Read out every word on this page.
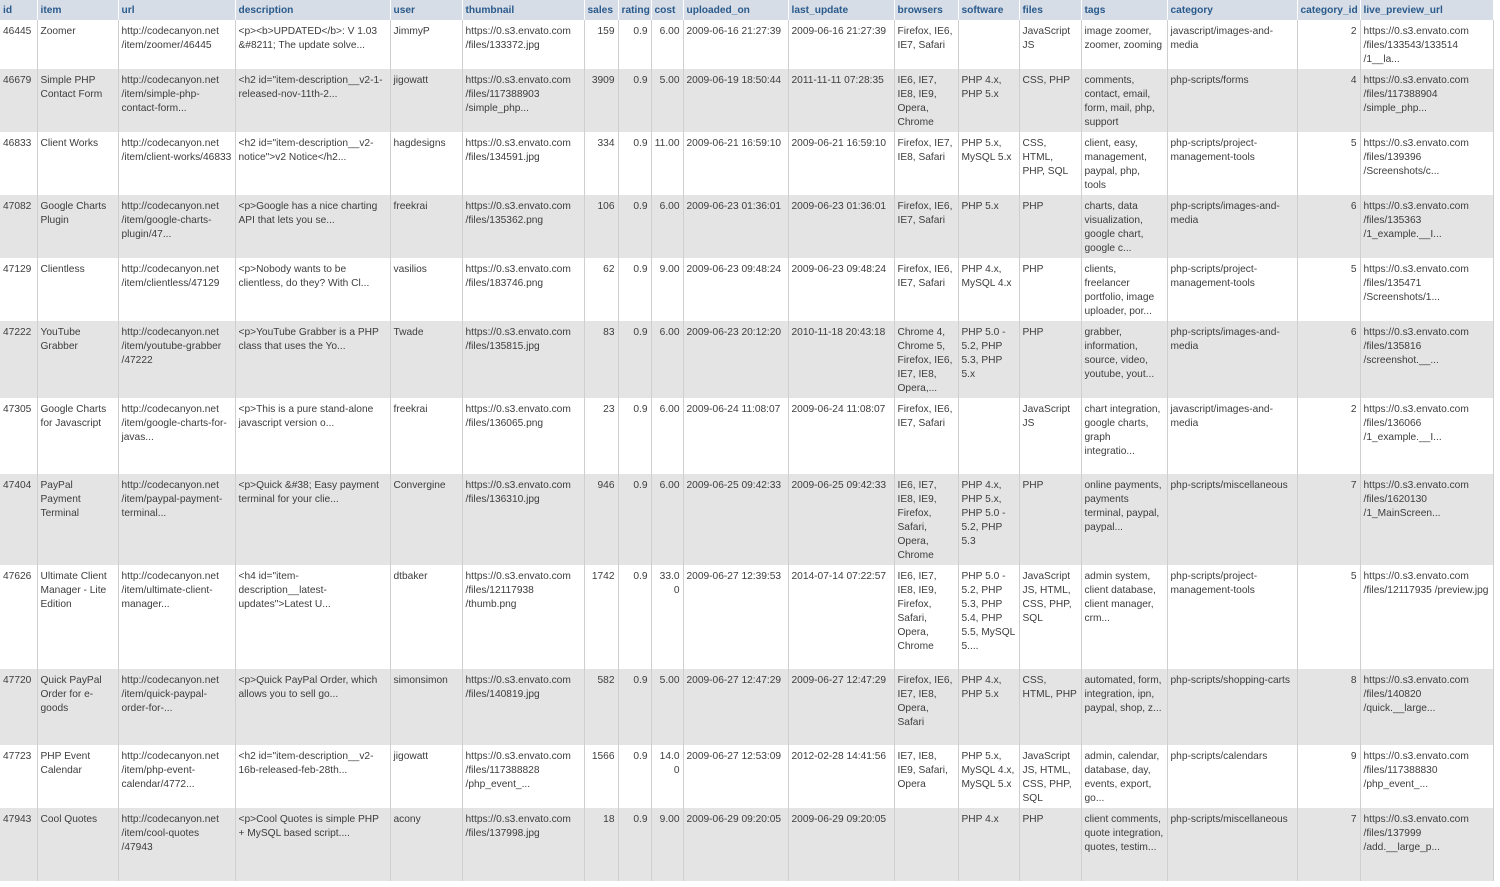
id	item	url	description	user	thumbnail	sales	rating	cost	uploaded_on	last_update	browsers	software	files	tags	category	category_id	live_preview_url
46445	Zoomer	http://codecanyon.net /item/zoomer/46445	<p><b>UPDATED</b>: V 1.03 &#8211; The update solve...	JimmyP	https://0.s3.envato.com /files/133372.jpg	159	0.9	6.00	2009-06-16 21:27:39	2009-06-16 21:27:39	Firefox, IE6, IE7, Safari		JavaScript JS	image zoomer, zoomer, zooming	javascript/images-and-media	2	https://0.s3.envato.com /files/133543/133514 /1__la...
46679	Simple PHP Contact Form	http://codecanyon.net /item/simple-php-contact-form...	<h2 id="item-description__v2-1-released-nov-11th-2...	jigowatt	https://0.s3.envato.com /files/117388903 /simple_php...	3909	0.9	5.00	2009-06-19 18:50:44	2011-11-11 07:28:35	IE6, IE7, IE8, IE9, Opera, Chrome	PHP 4.x, PHP 5.x	CSS, PHP	comments, contact, email, form, mail, php, support	php-scripts/forms	4	https://0.s3.envato.com /files/117388904 /simple_php...
46833	Client Works	http://codecanyon.net /item/client-works/46833	<h2 id="item-description__v2-notice">v2 Notice</h2...	hagdesigns	https://0.s3.envato.com /files/134591.jpg	334	0.9	11.00	2009-06-21 16:59:10	2009-06-21 16:59:10	Firefox, IE7, IE8, Safari	PHP 5.x, MySQL 5.x	CSS, HTML, PHP, SQL	client, easy, management, paypal, php, tools	php-scripts/project-management-tools	5	https://0.s3.envato.com /files/139396 /Screenshots/c...
47082	Google Charts Plugin	http://codecanyon.net /item/google-charts-plugin/47...	<p>Google has a nice charting API that lets you se...	freekrai	https://0.s3.envato.com /files/135362.png	106	0.9	6.00	2009-06-23 01:36:01	2009-06-23 01:36:01	Firefox, IE6, IE7, Safari	PHP 5.x	PHP	charts, data visualization, google chart, google c...	php-scripts/images-and-media	6	https://0.s3.envato.com /files/135363 /1_example.__I...
47129	Clientless	http://codecanyon.net /item/clientless/47129	<p>Nobody wants to be clientless, do they? With Cl...	vasilios	https://0.s3.envato.com /files/183746.png	62	0.9	9.00	2009-06-23 09:48:24	2009-06-23 09:48:24	Firefox, IE6, IE7, Safari	PHP 4.x, MySQL 4.x	PHP	clients, freelancer portfolio, image uploader, por...	php-scripts/project-management-tools	5	https://0.s3.envato.com /files/135471 /Screenshots/1...
47222	YouTube Grabber	http://codecanyon.net /item/youtube-grabber /47222	<p>YouTube Grabber is a PHP class that uses the Yo...	Twade	https://0.s3.envato.com /files/135815.jpg	83	0.9	6.00	2009-06-23 20:12:20	2010-11-18 20:43:18	Chrome 4, Chrome 5, Firefox, IE6, IE7, IE8, Opera,...	PHP 5.0 - 5.2, PHP 5.3, PHP 5.x	PHP	grabber, information, source, video, youtube, yout...	php-scripts/images-and-media	6	https://0.s3.envato.com /files/135816 /screenshot.__...
47305	Google Charts for Javascript	http://codecanyon.net /item/google-charts-for-javas...	<p>This is a pure stand-alone javascript version o...	freekrai	https://0.s3.envato.com /files/136065.png	23	0.9	6.00	2009-06-24 11:08:07	2009-06-24 11:08:07	Firefox, IE6, IE7, Safari		JavaScript JS	chart integration, google charts, graph integratio...	javascript/images-and-media	2	https://0.s3.envato.com /files/136066 /1_example.__I...
47404	PayPal Payment Terminal	http://codecanyon.net /item/paypal-payment-terminal...	<p>Quick &#38; Easy payment terminal for your clie...	Convergine	https://0.s3.envato.com /files/136310.jpg	946	0.9	6.00	2009-06-25 09:42:33	2009-06-25 09:42:33	IE6, IE7, IE8, IE9, Firefox, Safari, Opera, Chrome	PHP 4.x, PHP 5.x, PHP 5.0 - 5.2, PHP 5.3	PHP	online payments, payments terminal, paypal, paypal...	php-scripts/miscellaneous	7	https://0.s3.envato.com /files/1620130 /1_MainScreen...
47626	Ultimate Client Manager - Lite Edition	http://codecanyon.net /item/ultimate-client-manager...	<h4 id="item-description__latest-updates">Latest U...	dtbaker	https://0.s3.envato.com /files/12117938 /thumb.png	1742	0.9	33.00	2009-06-27 12:39:53	2014-07-14 07:22:57	IE6, IE7, IE8, IE9, Firefox, Safari, Opera, Chrome	PHP 5.0 - 5.2, PHP 5.3, PHP 5.4, PHP 5.5, MySQL 5....	JavaScript JS, HTML, CSS, PHP, SQL	admin system, client database, client manager, crm...	php-scripts/project-management-tools	5	https://0.s3.envato.com /files/12117935 /preview.jpg
47720	Quick PayPal Order for e-goods	http://codecanyon.net /item/quick-paypal-order-for-...	<p>Quick PayPal Order, which allows you to sell go...	simonsimon	https://0.s3.envato.com /files/140819.jpg	582	0.9	5.00	2009-06-27 12:47:29	2009-06-27 12:47:29	Firefox, IE6, IE7, IE8, Opera, Safari	PHP 4.x, PHP 5.x	CSS, HTML, PHP	automated, form, integration, ipn, paypal, shop, z...	php-scripts/shopping-carts	8	https://0.s3.envato.com /files/140820 /quick.__large...
47723	PHP Event Calendar	http://codecanyon.net /item/php-event-calendar/4772...	<h2 id="item-description__v2-16b-released-feb-28th...	jigowatt	https://0.s3.envato.com /files/117388828 /php_event_...	1566	0.9	14.00	2009-06-27 12:53:09	2012-02-28 14:41:56	IE7, IE8, IE9, Safari, Opera	PHP 5.x, MySQL 4.x, MySQL 5.x	JavaScript JS, HTML, CSS, PHP, SQL	admin, calendar, database, day, events, export, go...	php-scripts/calendars	9	https://0.s3.envato.com /files/117388830 /php_event_...
47943	Cool Quotes	http://codecanyon.net /item/cool-quotes /47943	<p>Cool Quotes is simple PHP + MySQL based script....	acony	https://0.s3.envato.com /files/137998.jpg	18	0.9	9.00	2009-06-29 09:20:05	2009-06-29 09:20:05		PHP 4.x	PHP	client comments, quote integration, quotes, testim...	php-scripts/miscellaneous	7	https://0.s3.envato.com /files/137999 /add.__large_p...
